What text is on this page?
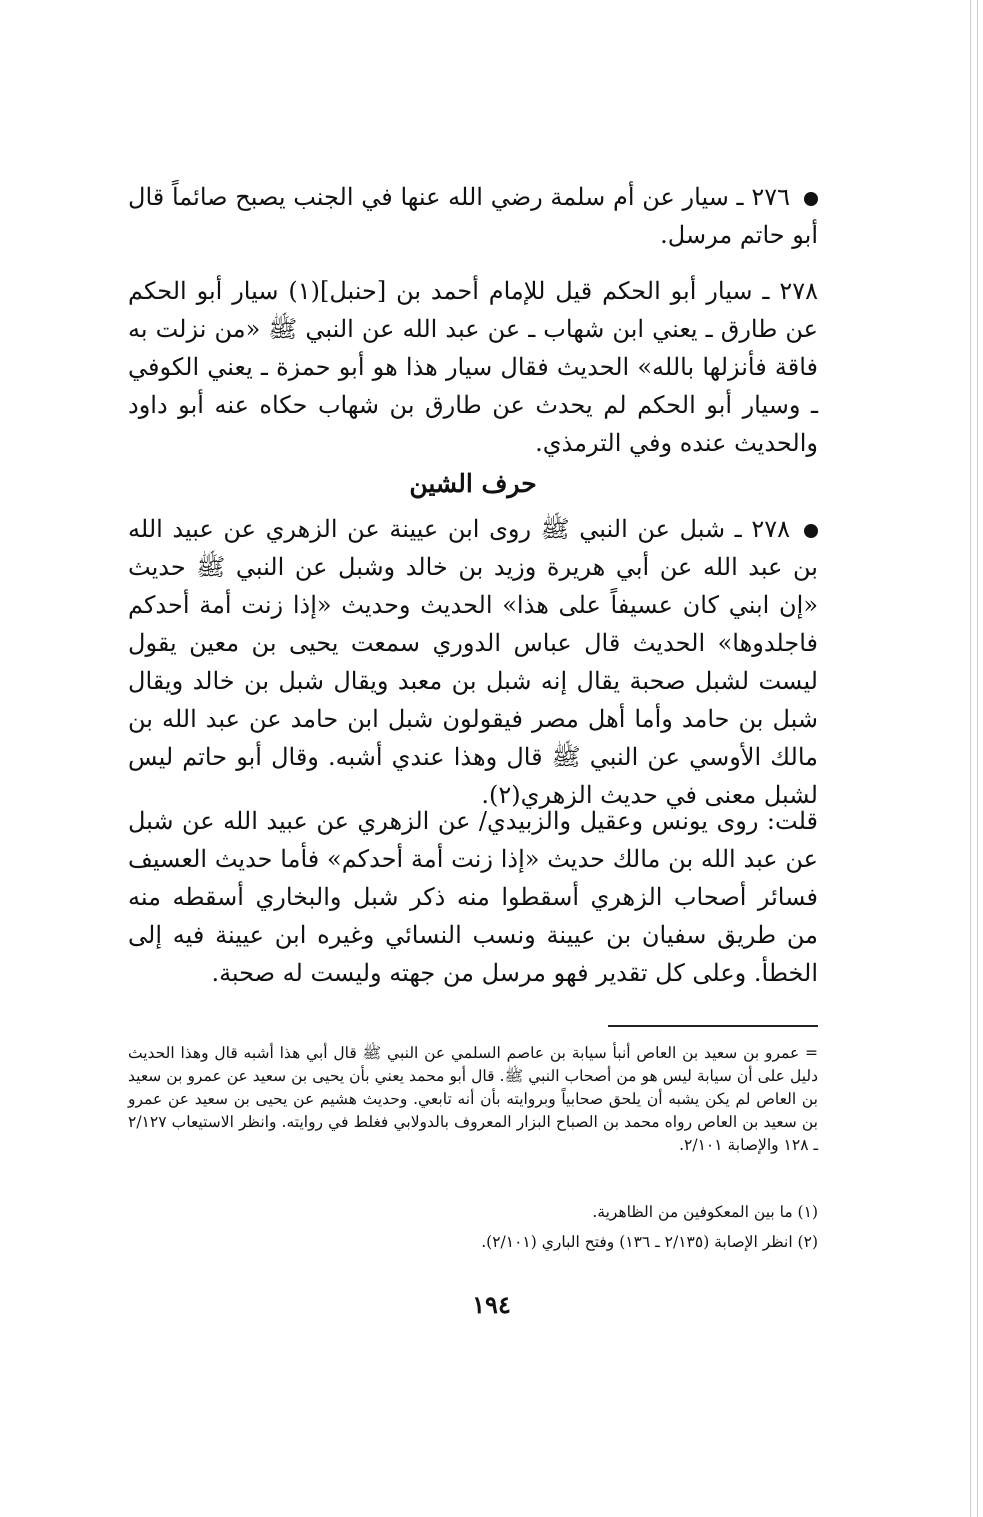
٢٧٦ ـ سيار عن أم سلمة رضي الله عنها في الجنب يصبح صائماً قال أبو حاتم مرسل.
٢٧٨ ـ سيار أبو الحكم قيل للإمام أحمد بن [حنبل](١) سيار أبو الحكم عن طارق ـ يعني ابن شهاب ـ عن عبد الله عن النبي ﷺ «من نزلت به فاقة فأنزلها بالله» الحديث فقال سيار هذا هو أبو حمزة ـ يعني الكوفي ـ وسيار أبو الحكم لم يحدث عن طارق بن شهاب حكاه عنه أبو داود والحديث عنده وفي الترمذي.
حرف الشين
٢٧٨ ـ شبل عن النبي ﷺ روى ابن عيينة عن الزهري عن عبيد الله بن عبد الله عن أبي هريرة وزيد بن خالد وشبل عن النبي ﷺ حديث «إن ابني كان عسيفاً على هذا» الحديث وحديث «إذا زنت أمة أحدكم فاجلدوها» الحديث قال عباس الدوري سمعت يحيى بن معين يقول ليست لشبل صحبة يقال إنه شبل بن معبد ويقال شبل بن خالد ويقال شبل بن حامد وأما أهل مصر فيقولون شبل ابن حامد عن عبد الله بن مالك الأوسي عن النبي ﷺ قال وهذا عندي أشبه. وقال أبو حاتم ليس لشبل معنى في حديث الزهري(٢).
قلت: روى يونس وعقيل والزبيدي/ عن الزهري عن عبيد الله عن شبل عن عبد الله بن مالك حديث «إذا زنت أمة أحدكم» فأما حديث العسيف فسائر أصحاب الزهري أسقطوا منه ذكر شبل والبخاري أسقطه منه من طريق سفيان بن عيينة ونسب النسائي وغيره ابن عيينة فيه إلى الخطأ. وعلى كل تقدير فهو مرسل من جهته وليست له صحبة.
= عمرو بن سعيد بن العاص أنبأ سيابة بن عاصم السلمي عن النبي ﷺ قال أبي هذا أشبه قال وهذا الحديث دليل على أن سيابة ليس هو من أصحاب النبي ﷺ. قال أبو محمد يعني بأن يحيى بن سعيد عن عمرو بن سعيد بن العاص لم يكن يشبه أن يلحق صحابياً وبروايته بأن أنه تابعي. وحديث هشيم عن يحيى بن سعيد عن عمرو بن سعيد بن العاص رواه محمد بن الصباح البزار المعروف بالدولابي فغلط في روايته. وانظر الاستيعاب ٢/١٢٧ ـ ١٢٨ والإصابة ٢/١٠١.
(١) ما بين المعكوفين من الظاهرية.
(٢) انظر الإصابة (٢/١٣٥ ـ ١٣٦) وفتح الباري (٢/١٠١).
١٩٤
